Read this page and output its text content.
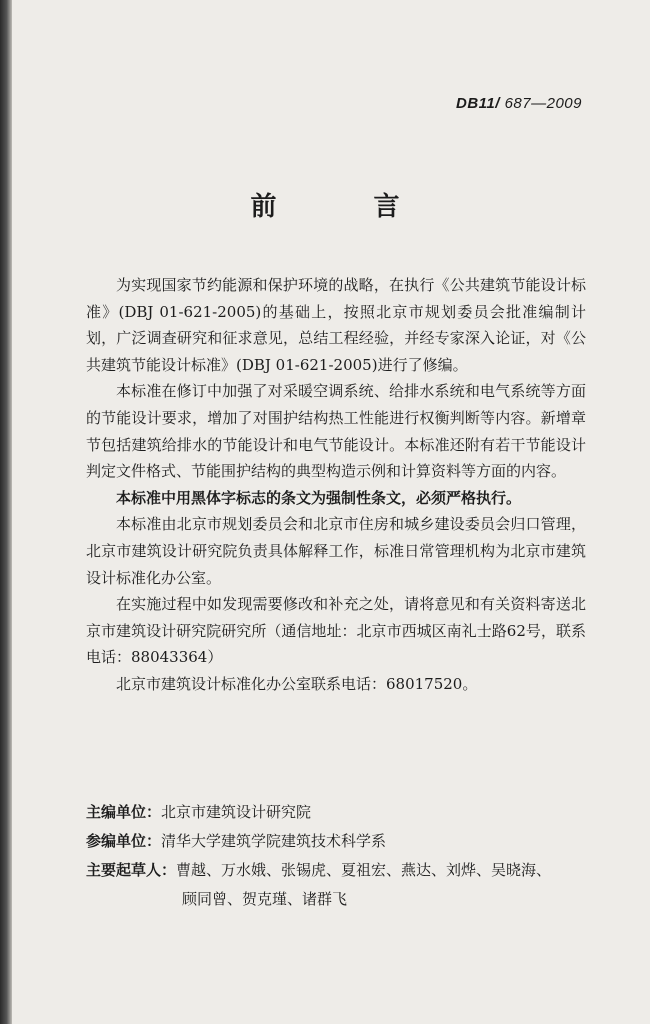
DB11/ 687—2009
前 言

为实现国家节约能源和保护环境的战略，在执行《公共建筑节能设计标准》(DBJ 01-621-2005)的基础上，按照北京市规划委员会批准编制计划，广泛调查研究和征求意见，总结工程经验，并经专家深入论证，对《公共建筑节能设计标准》(DBJ 01-621-2005)进行了修编。

本标准在修订中加强了对采暖空调系统、给排水系统和电气系统等方面的节能设计要求，增加了对围护结构热工性能进行权衡判断等内容。新增章节包括建筑给排水的节能设计和电气节能设计。本标准还附有若干节能设计判定文件格式、节能围护结构的典型构造示例和计算资料等方面的内容。

本标准中用黑体字标志的条文为强制性条文，必须严格执行。

本标准由北京市规划委员会和北京市住房和城乡建设委员会归口管理，北京市建筑设计研究院负责具体解释工作，标准日常管理机构为北京市建筑设计标准化办公室。

在实施过程中如发现需要修改和补充之处，请将意见和有关资料寄送北京市建筑设计研究院研究所（通信地址：北京市西城区南礼士路62号，联系电话：88043364）

北京市建筑设计标准化办公室联系电话：68017520。

主编单位： 北京市建筑设计研究院
参编单位： 清华大学建筑学院建筑技术科学系
主要起草人： 曹越、万水娥、张锡虎、夏祖宏、燕达、刘烨、吴晓海、
顾同曾、贺克瑾、诸群飞
